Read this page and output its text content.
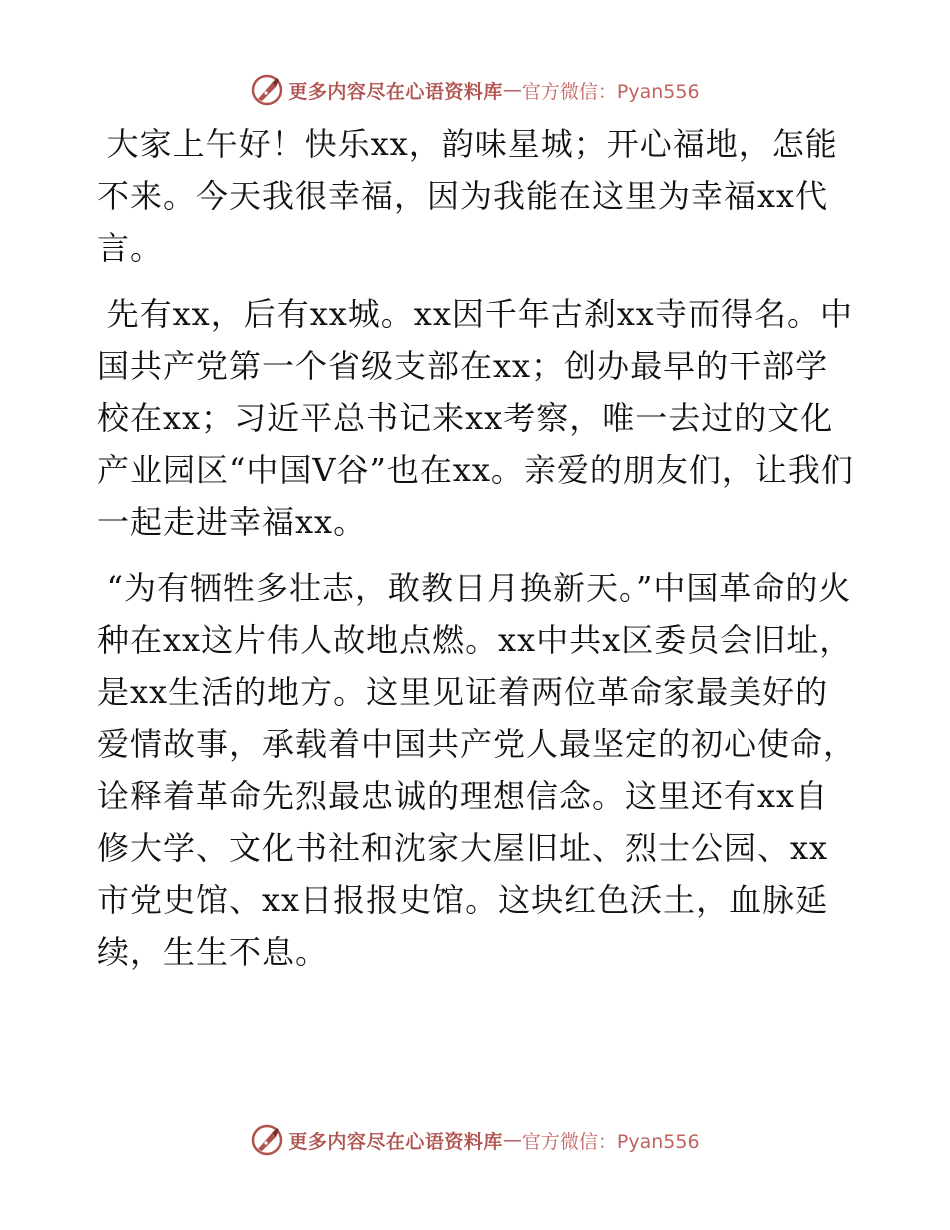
更多内容尽在心语资料库 — 官方微信：Pyan556

大家上午好！快乐xx，韵味星城；开心福地，怎能不来。今天我很幸福，因为我能在这里为幸福xx代言。

先有xx，后有xx城。xx因千年古刹xx寺而得名。中国共产党第一个省级支部在xx；创办最早的干部学校在xx；习近平总书记来xx考察，唯一去过的文化产业园区“中国V谷”也在xx。亲爱的朋友们，让我们一起走进幸福xx。

“为有牺牲多壮志，敢教日月换新天。”中国革命的火种在xx这片伟人故地点燃。xx中共x区委员会旧址，是xx生活的地方。这里见证着两位革命家最美好的爱情故事，承载着中国共产党人最坚定的初心使命，诠释着革命先烈最忠诚的理想信念。这里还有xx自修大学、文化书社和沈家大屋旧址、烈士公园、xx市党史馆、xx日报报史馆。这块红色沃土，血脉延续，生生不息。

更多内容尽在心语资料库 — 官方微信：Pyan556
